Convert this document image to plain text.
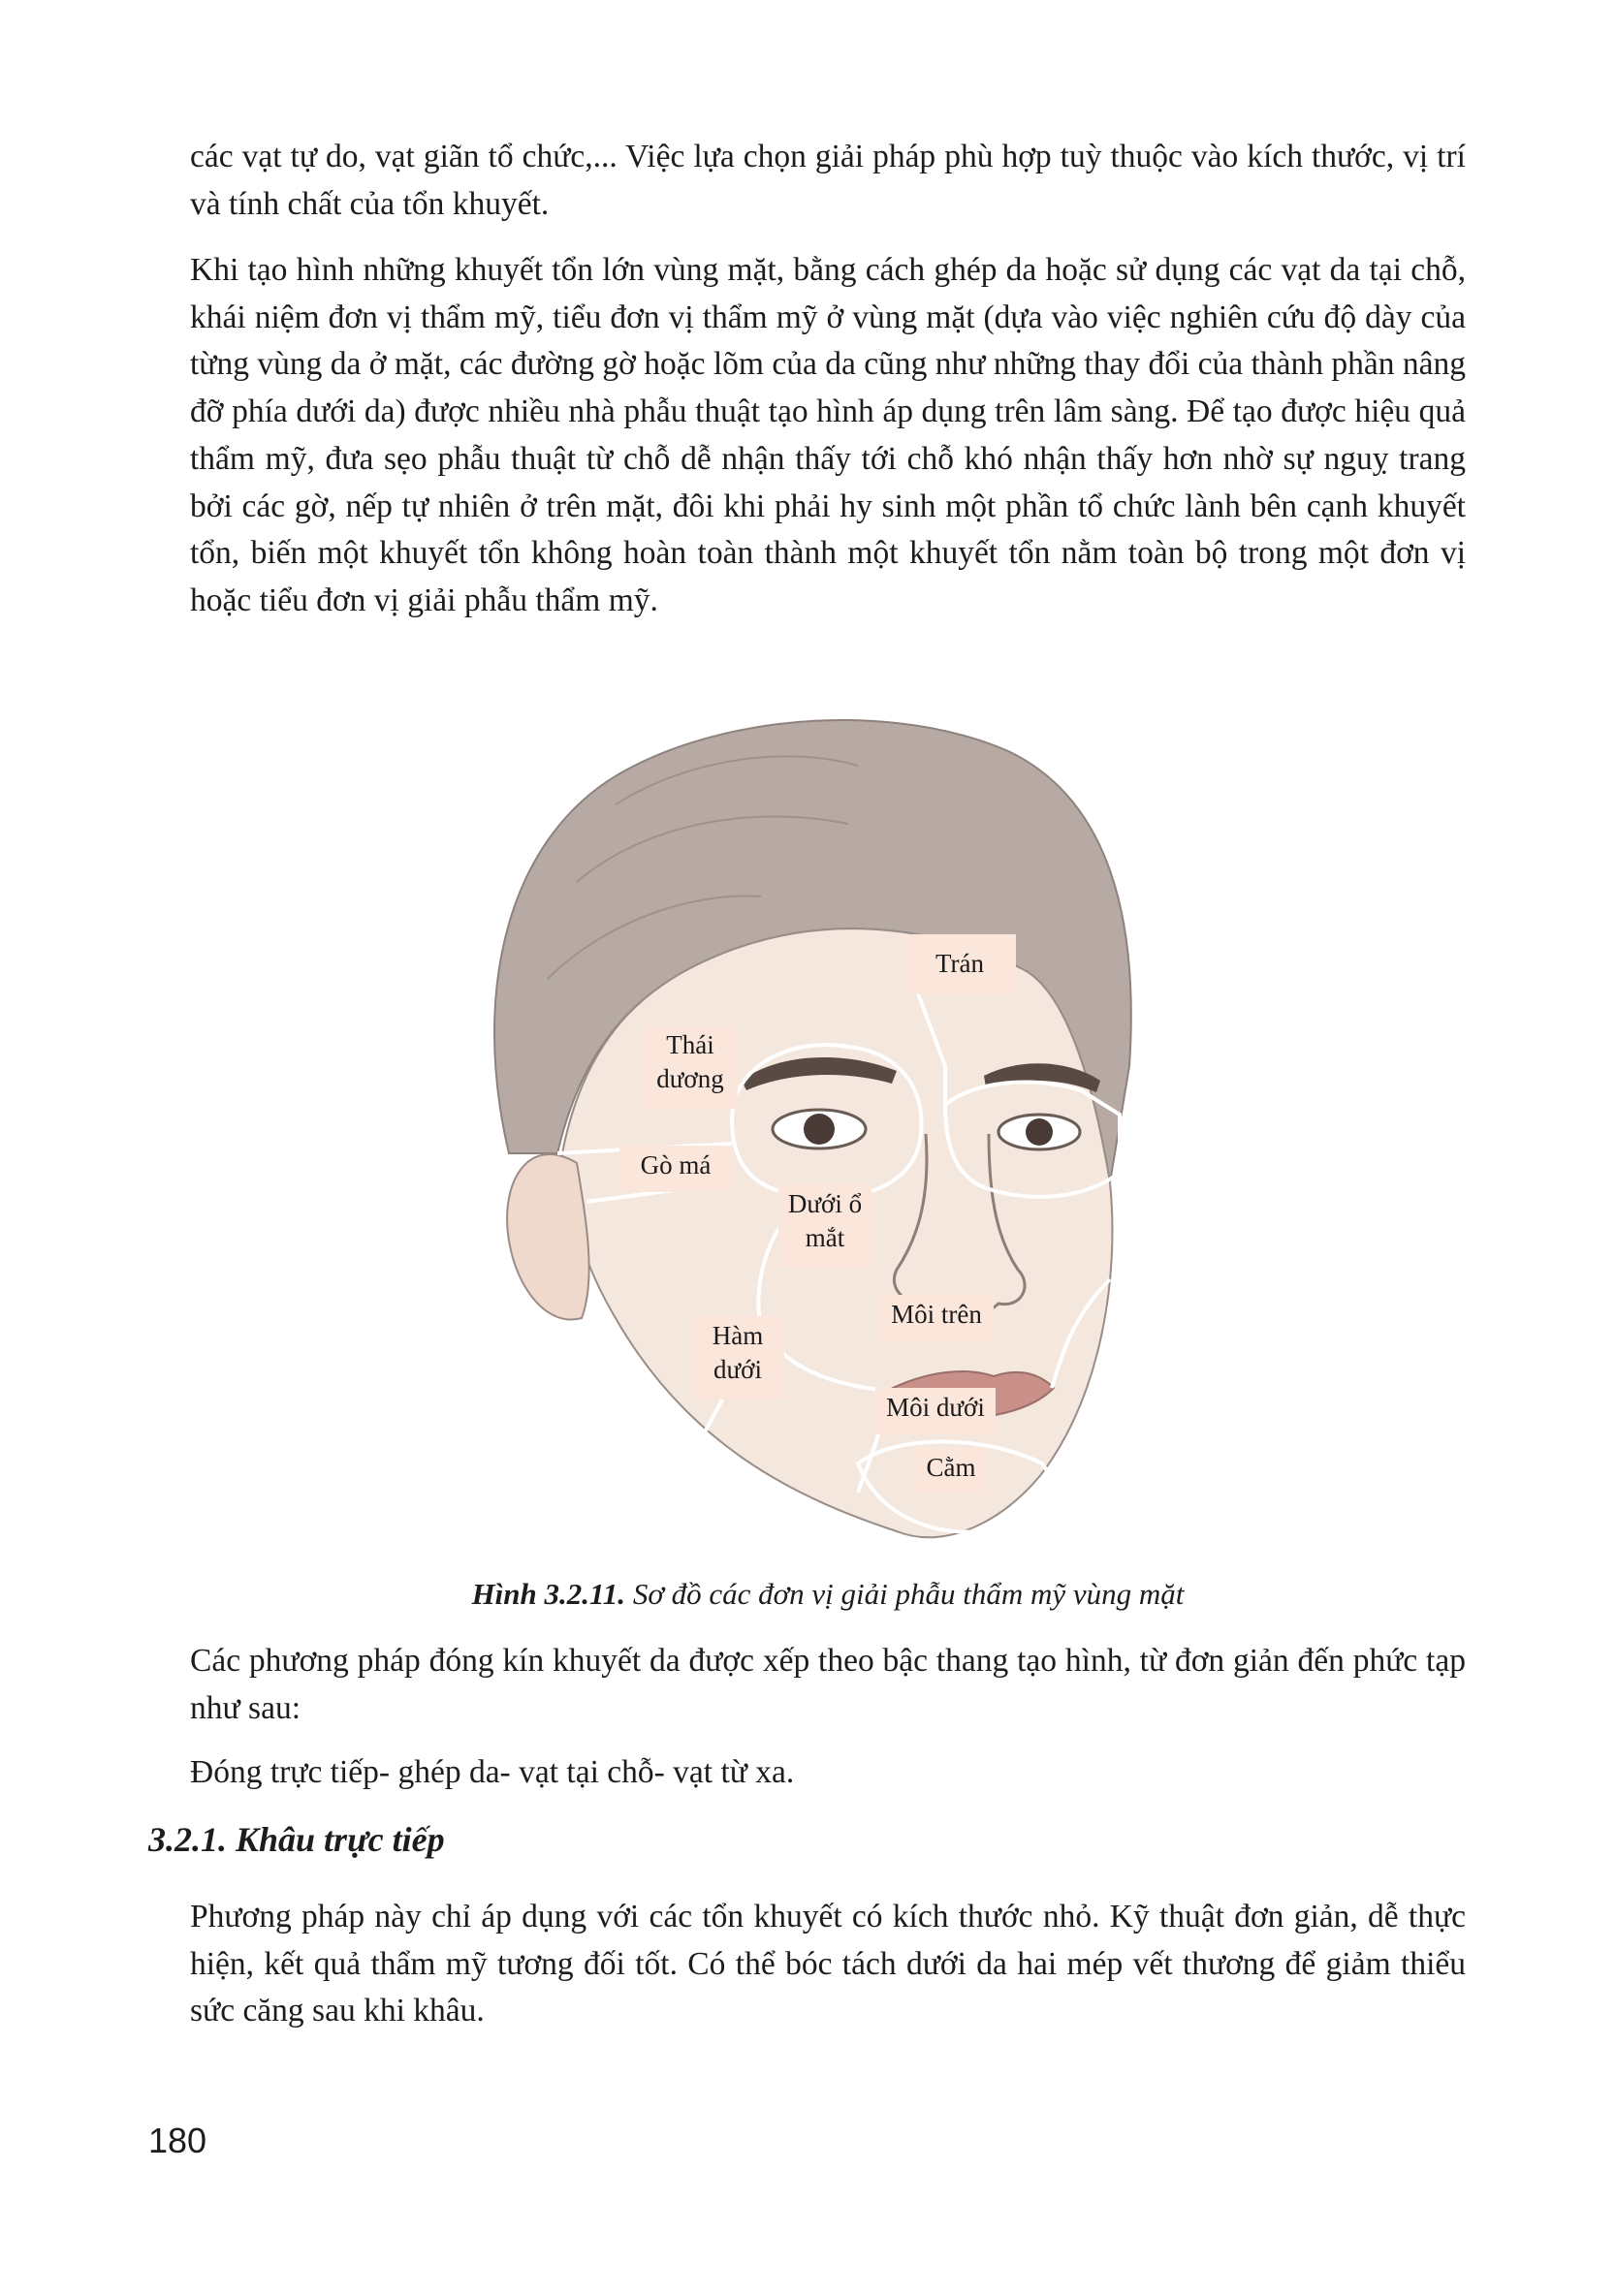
các vạt tự do, vạt giãn tổ chức,... Việc lựa chọn giải pháp phù hợp tuỳ thuộc vào kích thước, vị trí và tính chất của tổn khuyết.

Khi tạo hình những khuyết tổn lớn vùng mặt, bằng cách ghép da hoặc sử dụng các vạt da tại chỗ, khái niệm đơn vị thẩm mỹ, tiểu đơn vị thẩm mỹ ở vùng mặt (dựa vào việc nghiên cứu độ dày của từng vùng da ở mặt, các đường gờ hoặc lõm của da cũng như những thay đổi của thành phần nâng đỡ phía dưới da) được nhiều nhà phẫu thuật tạo hình áp dụng trên lâm sàng. Để tạo được hiệu quả thẩm mỹ, đưa sẹo phẫu thuật từ chỗ dễ nhận thấy tới chỗ khó nhận thấy hơn nhờ sự nguỵ trang bởi các gờ, nếp tự nhiên ở trên mặt, đôi khi phải hy sinh một phần tổ chức lành bên cạnh khuyết tổn, biến một khuyết tổn không hoàn toàn thành một khuyết tổn nằm toàn bộ trong một đơn vị hoặc tiểu đơn vị giải phẫu thẩm mỹ.

Trán
Thái dương
Gò má
Dưới ổ mắt
Hàm dưới
Môi trên
Môi dưới
Cằm

Hình 3.2.11. Sơ đồ các đơn vị giải phẫu thẩm mỹ vùng mặt

Các phương pháp đóng kín khuyết da được xếp theo bậc thang tạo hình, từ đơn giản đến phức tạp như sau:

Đóng trực tiếp- ghép da- vạt tại chỗ- vạt từ xa.

3.2.1. Khâu trực tiếp

Phương pháp này chỉ áp dụng với các tổn khuyết có kích thước nhỏ. Kỹ thuật đơn giản, dễ thực hiện, kết quả thẩm mỹ tương đối tốt. Có thể bóc tách dưới da hai mép vết thương để giảm thiểu sức căng sau khi khâu.

180
